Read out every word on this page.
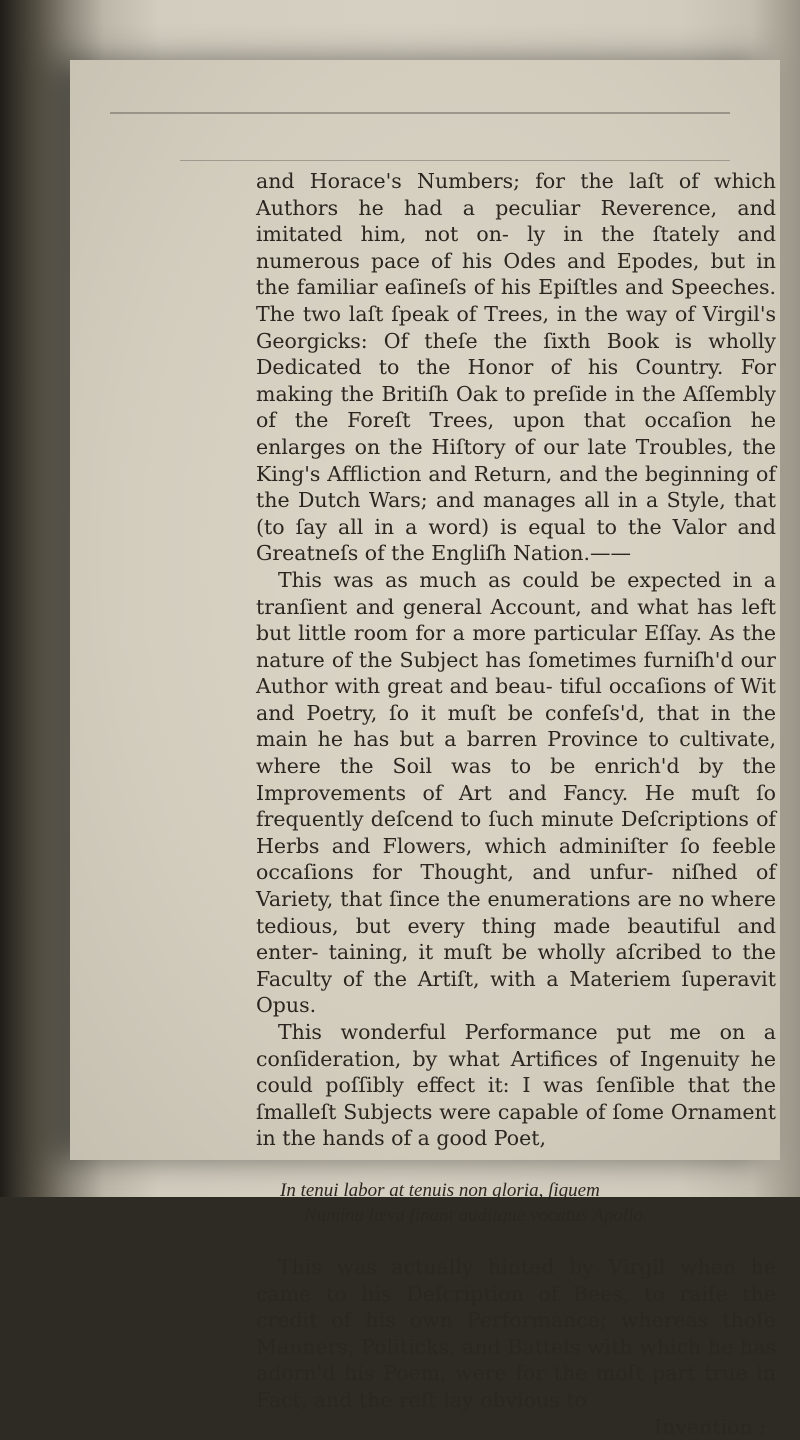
and Horace's Numbers; for the laſt of which Authors he had a peculiar Reverence, and imitated him, not on- ly in the ſtately and numerous pace of his Odes and Epodes, but in the familiar eaſineſs of his Epiſtles and Speeches. The two laſt ſpeak of Trees, in the way of Virgil's Georgicks: Of theſe the ſixth Book is wholly Dedicated to the Honor of his Country. For making the Britiſh Oak to preſide in the Aſſembly of the Foreſt Trees, upon that occaſion he enlarges on the Hiſtory of our late Troubles, the King's Affliction and Return, and the beginning of the Dutch Wars; and manages all in a Style, that (to ſay all in a word) is equal to the Valor and Greatneſs of the Engliſh Nation.——

This was as much as could be expected in a tranſient and general Account, and what has left but little room for a more particular Eſſay. As the nature of the Subject has ſometimes furniſh'd our Author with great and beau- tiful occaſions of Wit and Poetry, ſo it muſt be confeſs'd, that in the main he has but a barren Province to cultivate, where the Soil was to be enrich'd by the Improvements of Art and Fancy. He muſt ſo frequently deſcend to ſuch minute Deſcriptions of Herbs and Flowers, which adminiſter ſo feeble occaſions for Thought, and unfur- niſhed of Variety, that ſince the enumerations are no where tedious, but every thing made beautiful and enter- taining, it muſt be wholly aſcribed to the Faculty of the Artiſt, with a Materiem ſuperavit Opus.

This wonderful Performance put me on a conſideration, by what Artifices of Ingenuity he could poſſibly effect it: I was ſenſible that the ſmalleſt Subjects were capable of ſome Ornament in the hands of a good Poet,

In tenui labor at tenuis non gloria, ſiquem
Numina læva ſinant auditque vocatus Apollo.

This was actually hinted by Virgil when he came to his Deſcription of Bees, to raiſe the credit of his own Performance; whereas thoſe Manners, Politicks, and Battels with which he has adorn'd his Poem, were for the moſt part true in Fact, and the reſt lay obvious to

Invention ;
